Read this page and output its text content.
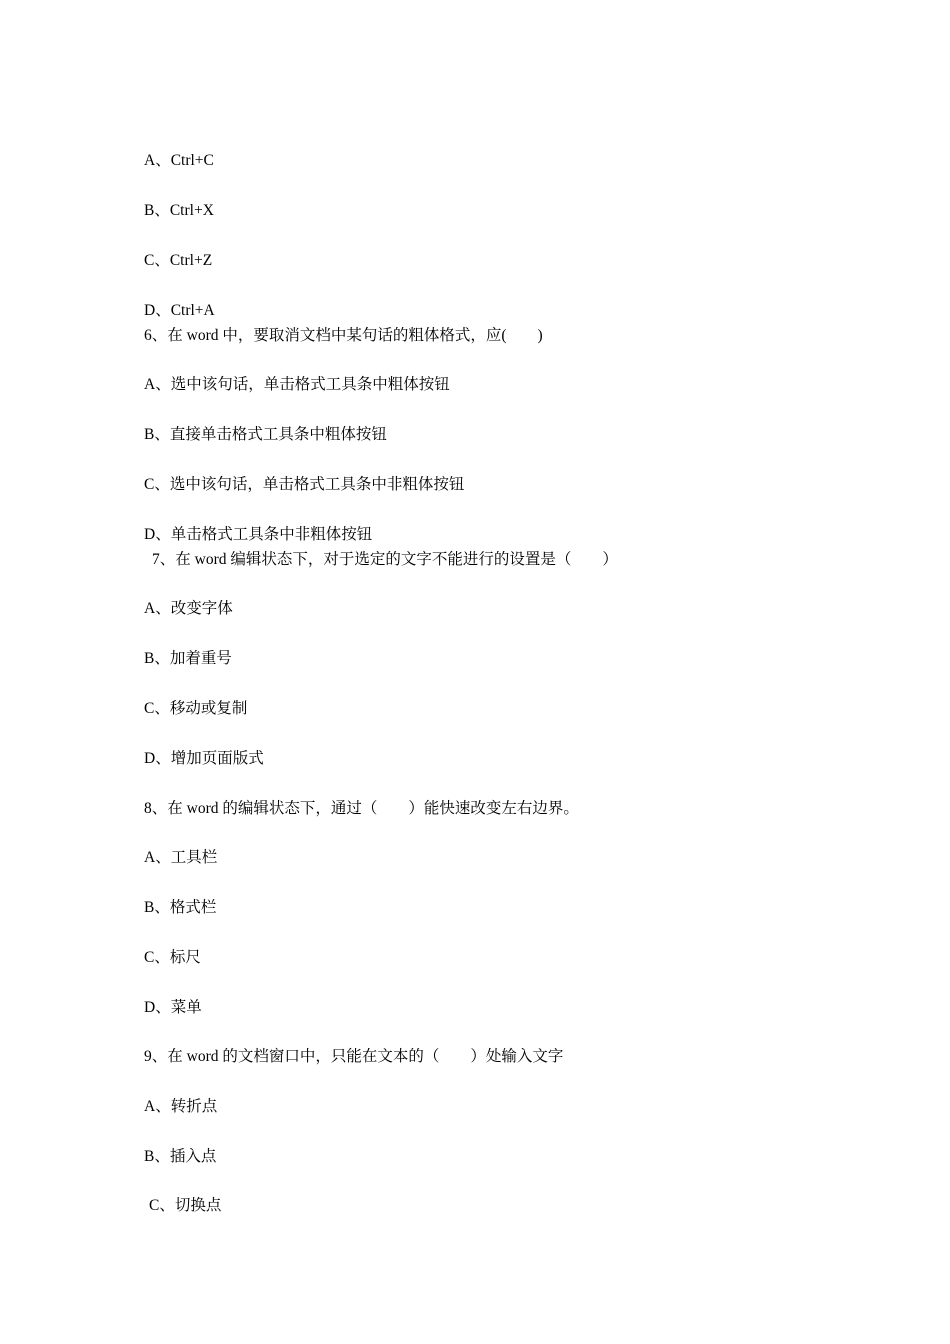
A、Ctrl+C
B、Ctrl+X
C、Ctrl+Z
D、Ctrl+A
6、在 word 中，要取消文档中某句话的粗体格式，应(　　)
A、选中该句话，单击格式工具条中粗体按钮
B、直接单击格式工具条中粗体按钮
C、选中该句话，单击格式工具条中非粗体按钮
D、单击格式工具条中非粗体按钮
7、在 word 编辑状态下，对于选定的文字不能进行的设置是（　　）
A、改变字体
B、加着重号
C、移动或复制
D、增加页面版式
8、在 word 的编辑状态下，通过（　　）能快速改变左右边界。
A、工具栏
B、格式栏
C、标尺
D、菜单
9、在 word 的文档窗口中，只能在文本的（　　）处输入文字
A、转折点
B、插入点
C、切换点
